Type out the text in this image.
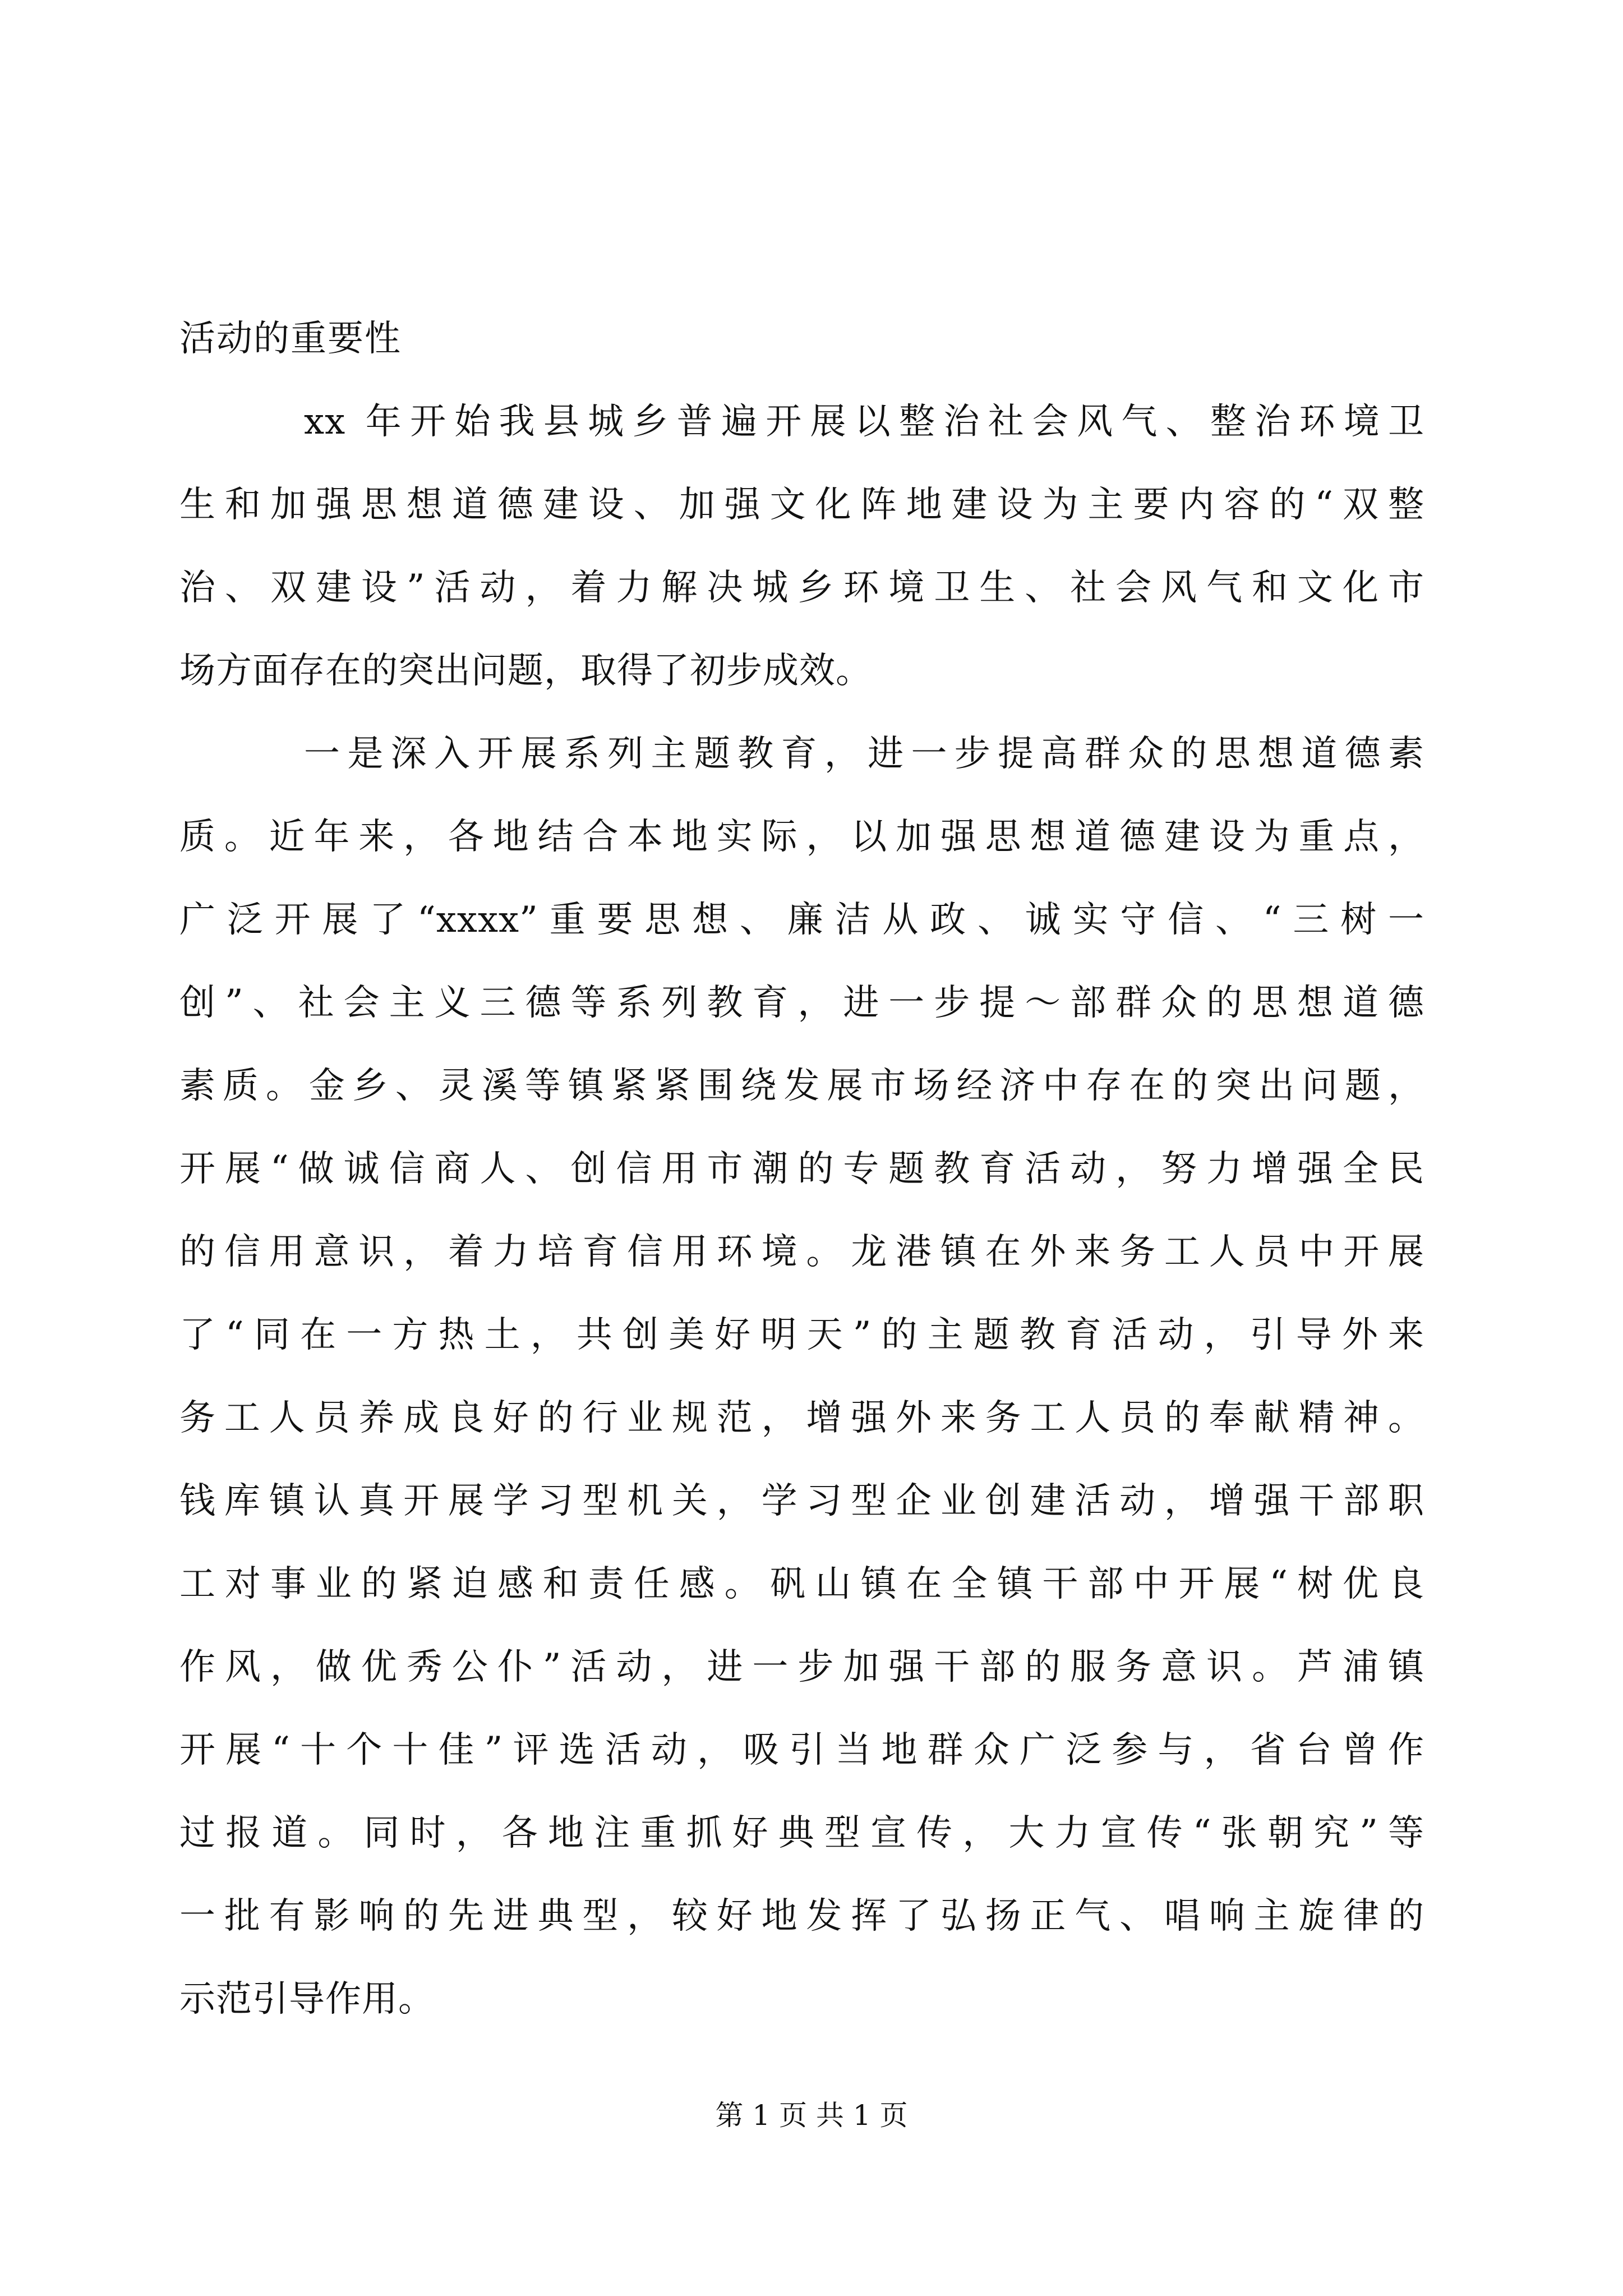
活动的重要性

xx 年开始我县城乡普遍开展以整治社会风气、整治环境卫
生和加强思想道德建设、加强文化阵地建设为主要内容的“双整
治、双建设”活动，着力解决城乡环境卫生、社会风气和文化市
场方面存在的突出问题，取得了初步成效。
一是深入开展系列主题教育，进一步提高群众的思想道德素
质。近年来，各地结合本地实际，以加强思想道德建设为重点，
广泛开展了“xxxx”重要思想、廉洁从政、诚实守信、“三树一
创”、社会主义三德等系列教育，进一步提～部群众的思想道德
素质。金乡、灵溪等镇紧紧围绕发展市场经济中存在的突出问题，
开展“做诚信商人、创信用市潮的专题教育活动，努力增强全民
的信用意识，着力培育信用环境。龙港镇在外来务工人员中开展
了“同在一方热土，共创美好明天”的主题教育活动，引导外来
务工人员养成良好的行业规范，增强外来务工人员的奉献精神。
钱库镇认真开展学习型机关，学习型企业创建活动，增强干部职
工对事业的紧迫感和责任感。矾山镇在全镇干部中开展“树优良
作风，做优秀公仆”活动，进一步加强干部的服务意识。芦浦镇
开展“十个十佳”评选活动，吸引当地群众广泛参与，省台曾作
过报道。同时，各地注重抓好典型宣传，大力宣传“张朝究”等
一批有影响的先进典型，较好地发挥了弘扬正气、唱响主旋律的
示范引导作用。
第 1 页 共 1 页
